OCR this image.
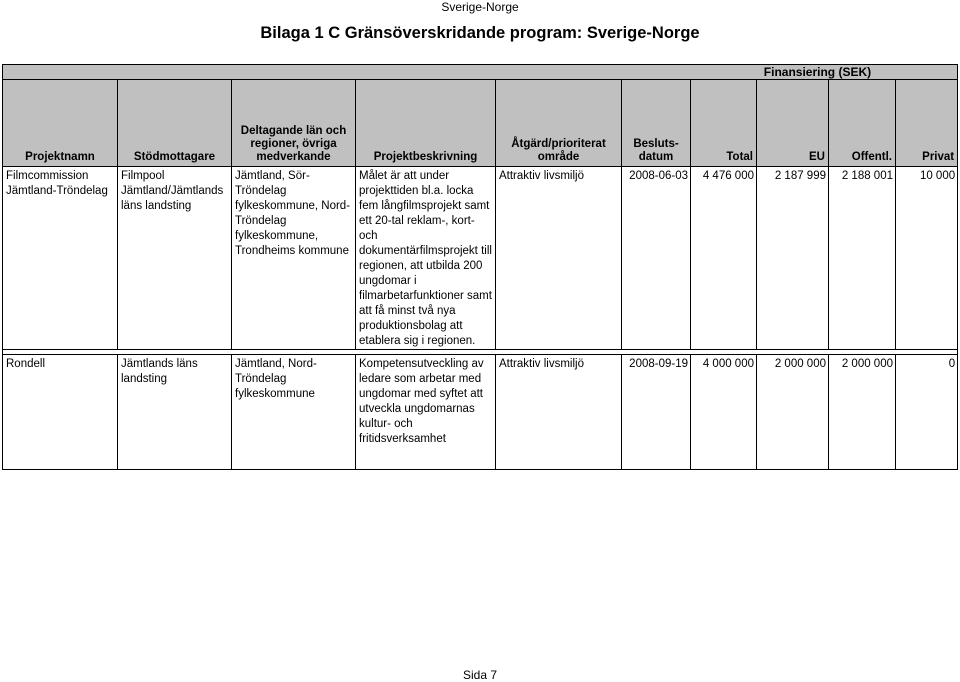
Sverige-Norge
Bilaga 1 C Gränsöverskridande program: Sverige-Norge
Finansiering (SEK)									
Projektnamn	Stödmottagare	Deltagande län och regioner, övriga medverkande	Projektbeskrivning	Åtgärd/prioriterat område	Besluts-datum	Total	EU	Offentl.	Privat
Filmcommission Jämtland-Tröndelag	Filmpool Jämtland/Jämtlands läns landsting	Jämtland, Sör-Tröndelag fylkeskommune, Nord-Tröndelag fylkeskommune, Trondheims kommune	Målet är att under projekttiden bl.a. locka fem långfilmsprojekt samt ett 20-tal reklam-, kort- och dokumentärfilmsprojekt till regionen, att utbilda 200 ungdomar i filmarbetarfunktioner samt att få minst två nya produktionsbolag att etablera sig i regionen.	Attraktiv livsmiljö	2008-06-03	4 476 000	2 187 999	2 188 001	10 000

Rondell	Jämtlands läns landsting	Jämtland, Nord-Tröndelag fylkeskommune	Kompetensutveckling av ledare som arbetar med ungdomar med syftet att utveckla ungdomarnas kultur- och fritidsverksamhet	Attraktiv livsmiljö	2008-09-19	4 000 000	2 000 000	2 000 000	0
Sida 7
